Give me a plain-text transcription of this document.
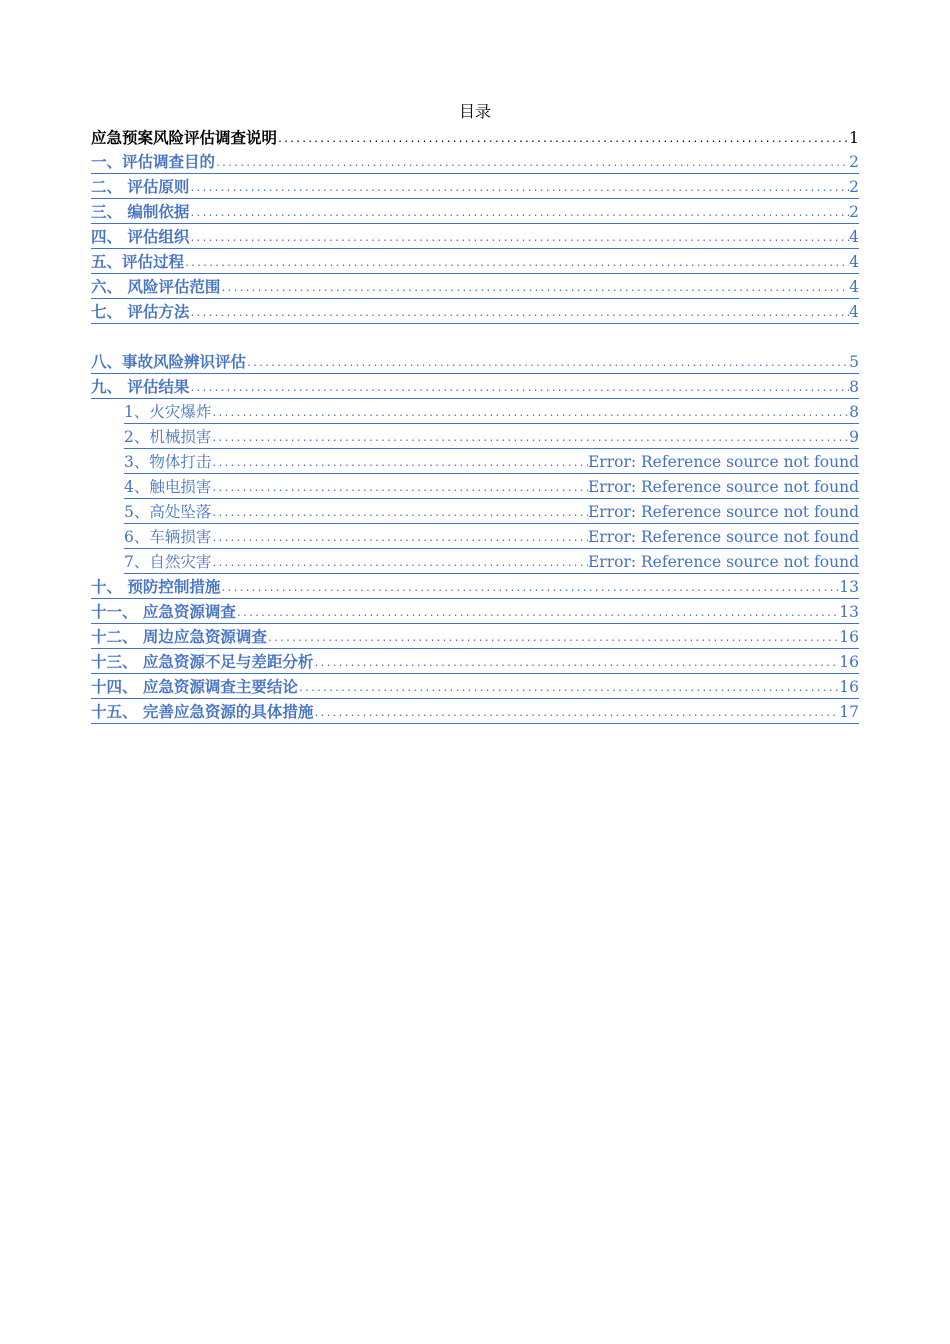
目录
应急预案风险评估调查说明 .....	1
一、评估调查目的 .....	2
二、 评估原则 .....	2
三、 编制依据 .....	2
四、 评估组织 .....	4
五、评估过程 .....	4
六、 风险评估范围 .....	4
七、 评估方法 .....	4
八、事故风险辨识评估 .....	5
九、 评估结果 .....	8
1、火灾爆炸 .....	8
2、机械损害 .....	9
3、物体打击 .....	Error: Reference source not found
4、触电损害 .....	Error: Reference source not found
5、高处坠落 .....	Error: Reference source not found
6、车辆损害 .....	Error: Reference source not found
7、自然灾害 .....	Error: Reference source not found
十、 预防控制措施 .....	13
十一、 应急资源调查 .....	13
十二、 周边应急资源调查 .....	16
十三、 应急资源不足与差距分析 .....	16
十四、 应急资源调查主要结论 .....	16
十五、 完善应急资源的具体措施 .....	17
